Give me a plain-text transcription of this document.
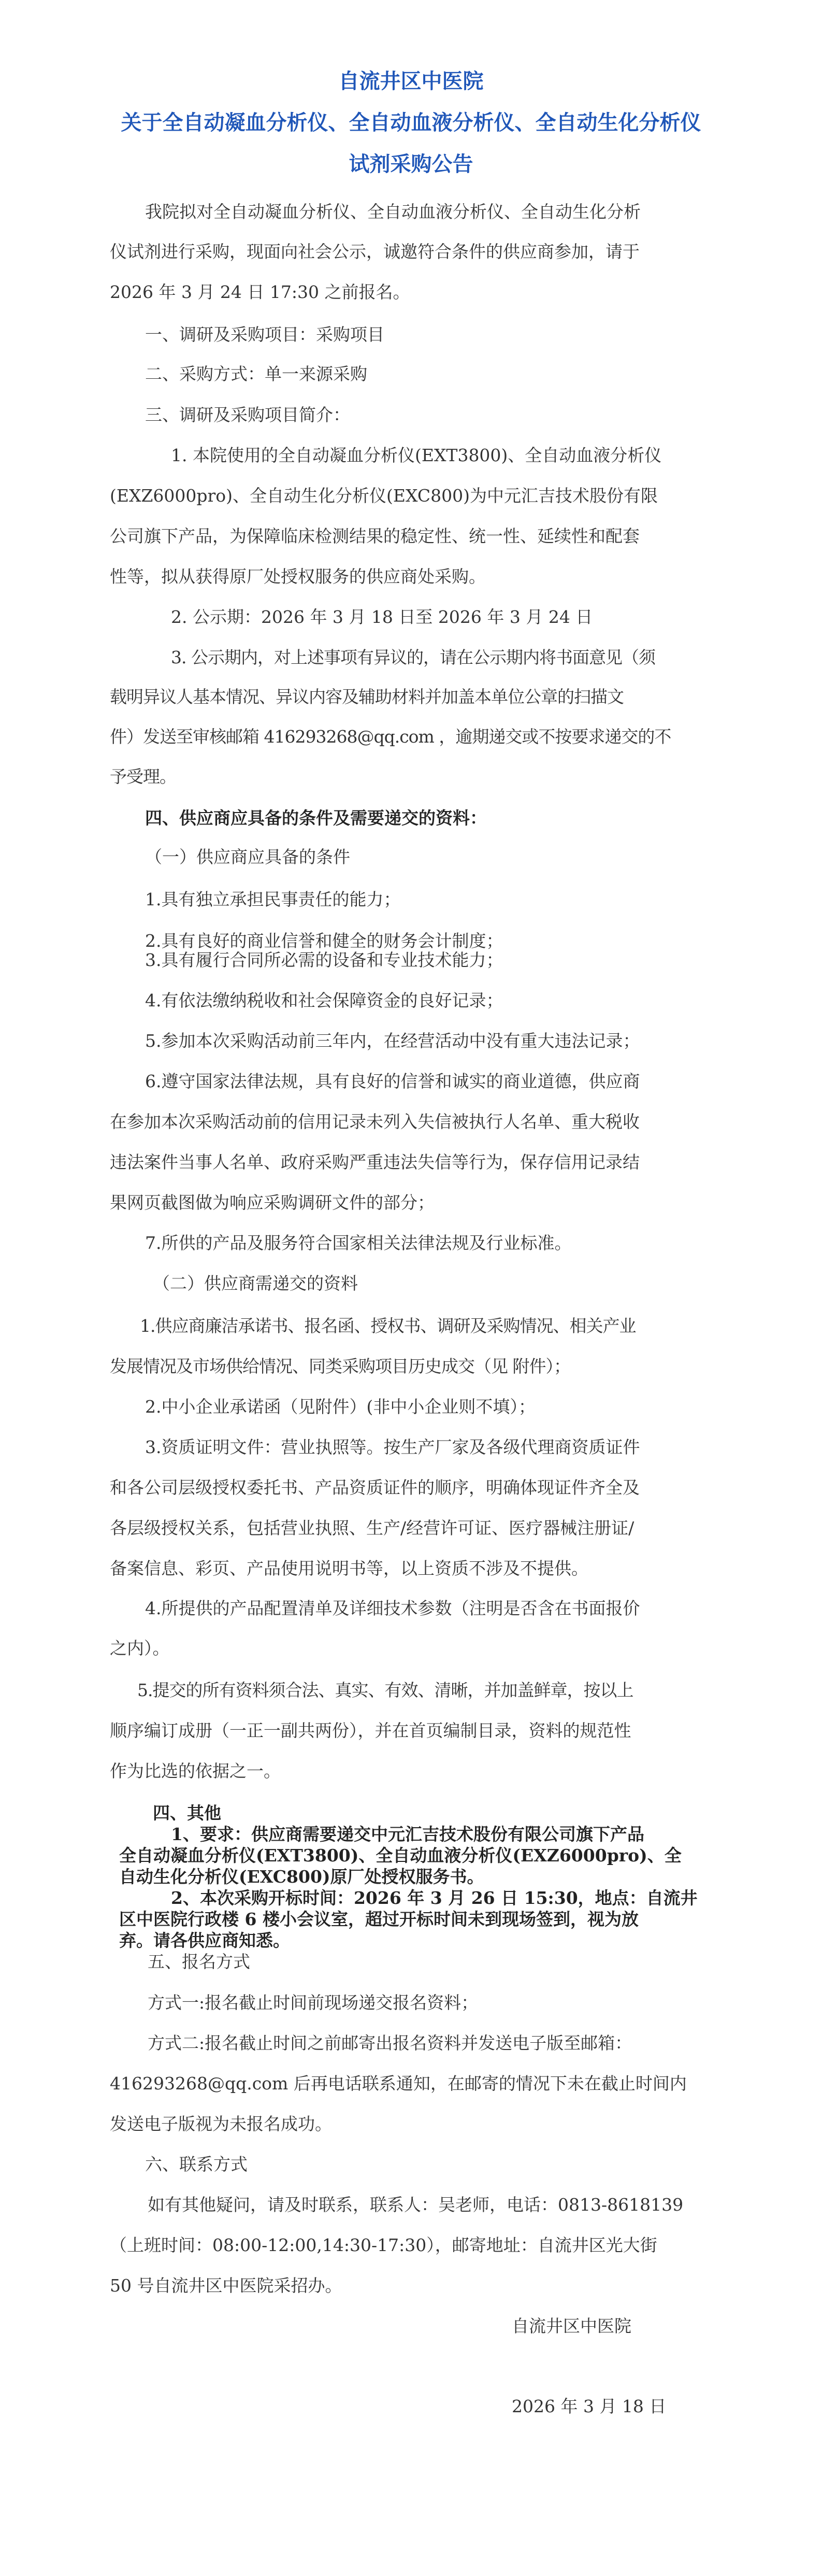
自流井区中医院
关于全自动凝血分析仪、全自动血液分析仪、全自动生化分析仪
试剂采购公告
我院拟对全自动凝血分析仪、全自动血液分析仪、全自动生化分析
仪试剂进行采购，现面向社会公示，诚邀符合条件的供应商参加，请于
2026 年 3 月 24 日 17:30 之前报名。
一、调研及采购项目：采购项目
二、采购方式：单一来源采购
三、调研及采购项目简介：
1. 本院使用的全自动凝血分析仪(EXT3800)、全自动血液分析仪
(EXZ6000pro)、全自动生化分析仪(EXC800)为中元汇吉技术股份有限
公司旗下产品，为保障临床检测结果的稳定性、统一性、延续性和配套
性等，拟从获得原厂处授权服务的供应商处采购。
2. 公示期：2026 年 3 月 18 日至 2026 年 3 月 24 日
3. 公示期内，对上述事项有异议的，请在公示期内将书面意见（须
载明异议人基本情况、异议内容及辅助材料并加盖本单位公章的扫描文
件）发送至审核邮箱 416293268@qq.com ，逾期递交或不按要求递交的不
予受理。
四、供应商应具备的条件及需要递交的资料：
（一）供应商应具备的条件
1.具有独立承担民事责任的能力；
2.具有良好的商业信誉和健全的财务会计制度；
3.具有履行合同所必需的设备和专业技术能力；
4.有依法缴纳税收和社会保障资金的良好记录；
5.参加本次采购活动前三年内，在经营活动中没有重大违法记录；
6.遵守国家法律法规，具有良好的信誉和诚实的商业道德，供应商
在参加本次采购活动前的信用记录未列入失信被执行人名单、重大税收
违法案件当事人名单、政府采购严重违法失信等行为，保存信用记录结
果网页截图做为响应采购调研文件的部分；
7.所供的产品及服务符合国家相关法律法规及行业标准。
（二）供应商需递交的资料
1.供应商廉洁承诺书、报名函、授权书、调研及采购情况、相关产业
发展情况及市场供给情况、同类采购项目历史成交（见 附件）；
2.中小企业承诺函（见附件）(非中小企业则不填）；
3.资质证明文件：营业执照等。按生产厂家及各级代理商资质证件
和各公司层级授权委托书、产品资质证件的顺序，明确体现证件齐全及
各层级授权关系，包括营业执照、生产/经营许可证、医疗器械注册证/
备案信息、彩页、产品使用说明书等，以上资质不涉及不提供。
4.所提供的产品配置清单及详细技术参数（注明是否含在书面报价
之内）。
5.提交的所有资料须合法、真实、有效、清晰，并加盖鲜章，按以上
顺序编订成册（一正一副共两份），并在首页编制目录，资料的规范性
作为比选的依据之一。
四、其他
1、要求：供应商需要递交中元汇吉技术股份有限公司旗下产品
全自动凝血分析仪(EXT3800)、全自动血液分析仪(EXZ6000pro)、全
自动生化分析仪(EXC800)原厂处授权服务书。
2、本次采购开标时间：2026 年 3 月 26 日 15:30，地点：自流井
区中医院行政楼 6 楼小会议室，超过开标时间未到现场签到，视为放
弃。请各供应商知悉。
五、报名方式
方式一:报名截止时间前现场递交报名资料；
方式二:报名截止时间之前邮寄出报名资料并发送电子版至邮箱：
416293268@qq.com 后再电话联系通知，在邮寄的情况下未在截止时间内
发送电子版视为未报名成功。
六、联系方式
如有其他疑问，请及时联系，联系人：吴老师，电话：0813-8618139
（上班时间：08:00-12:00,14:30-17:30），邮寄地址：自流井区光大街
50 号自流井区中医院采招办。
自流井区中医院
2026 年 3 月 18 日
